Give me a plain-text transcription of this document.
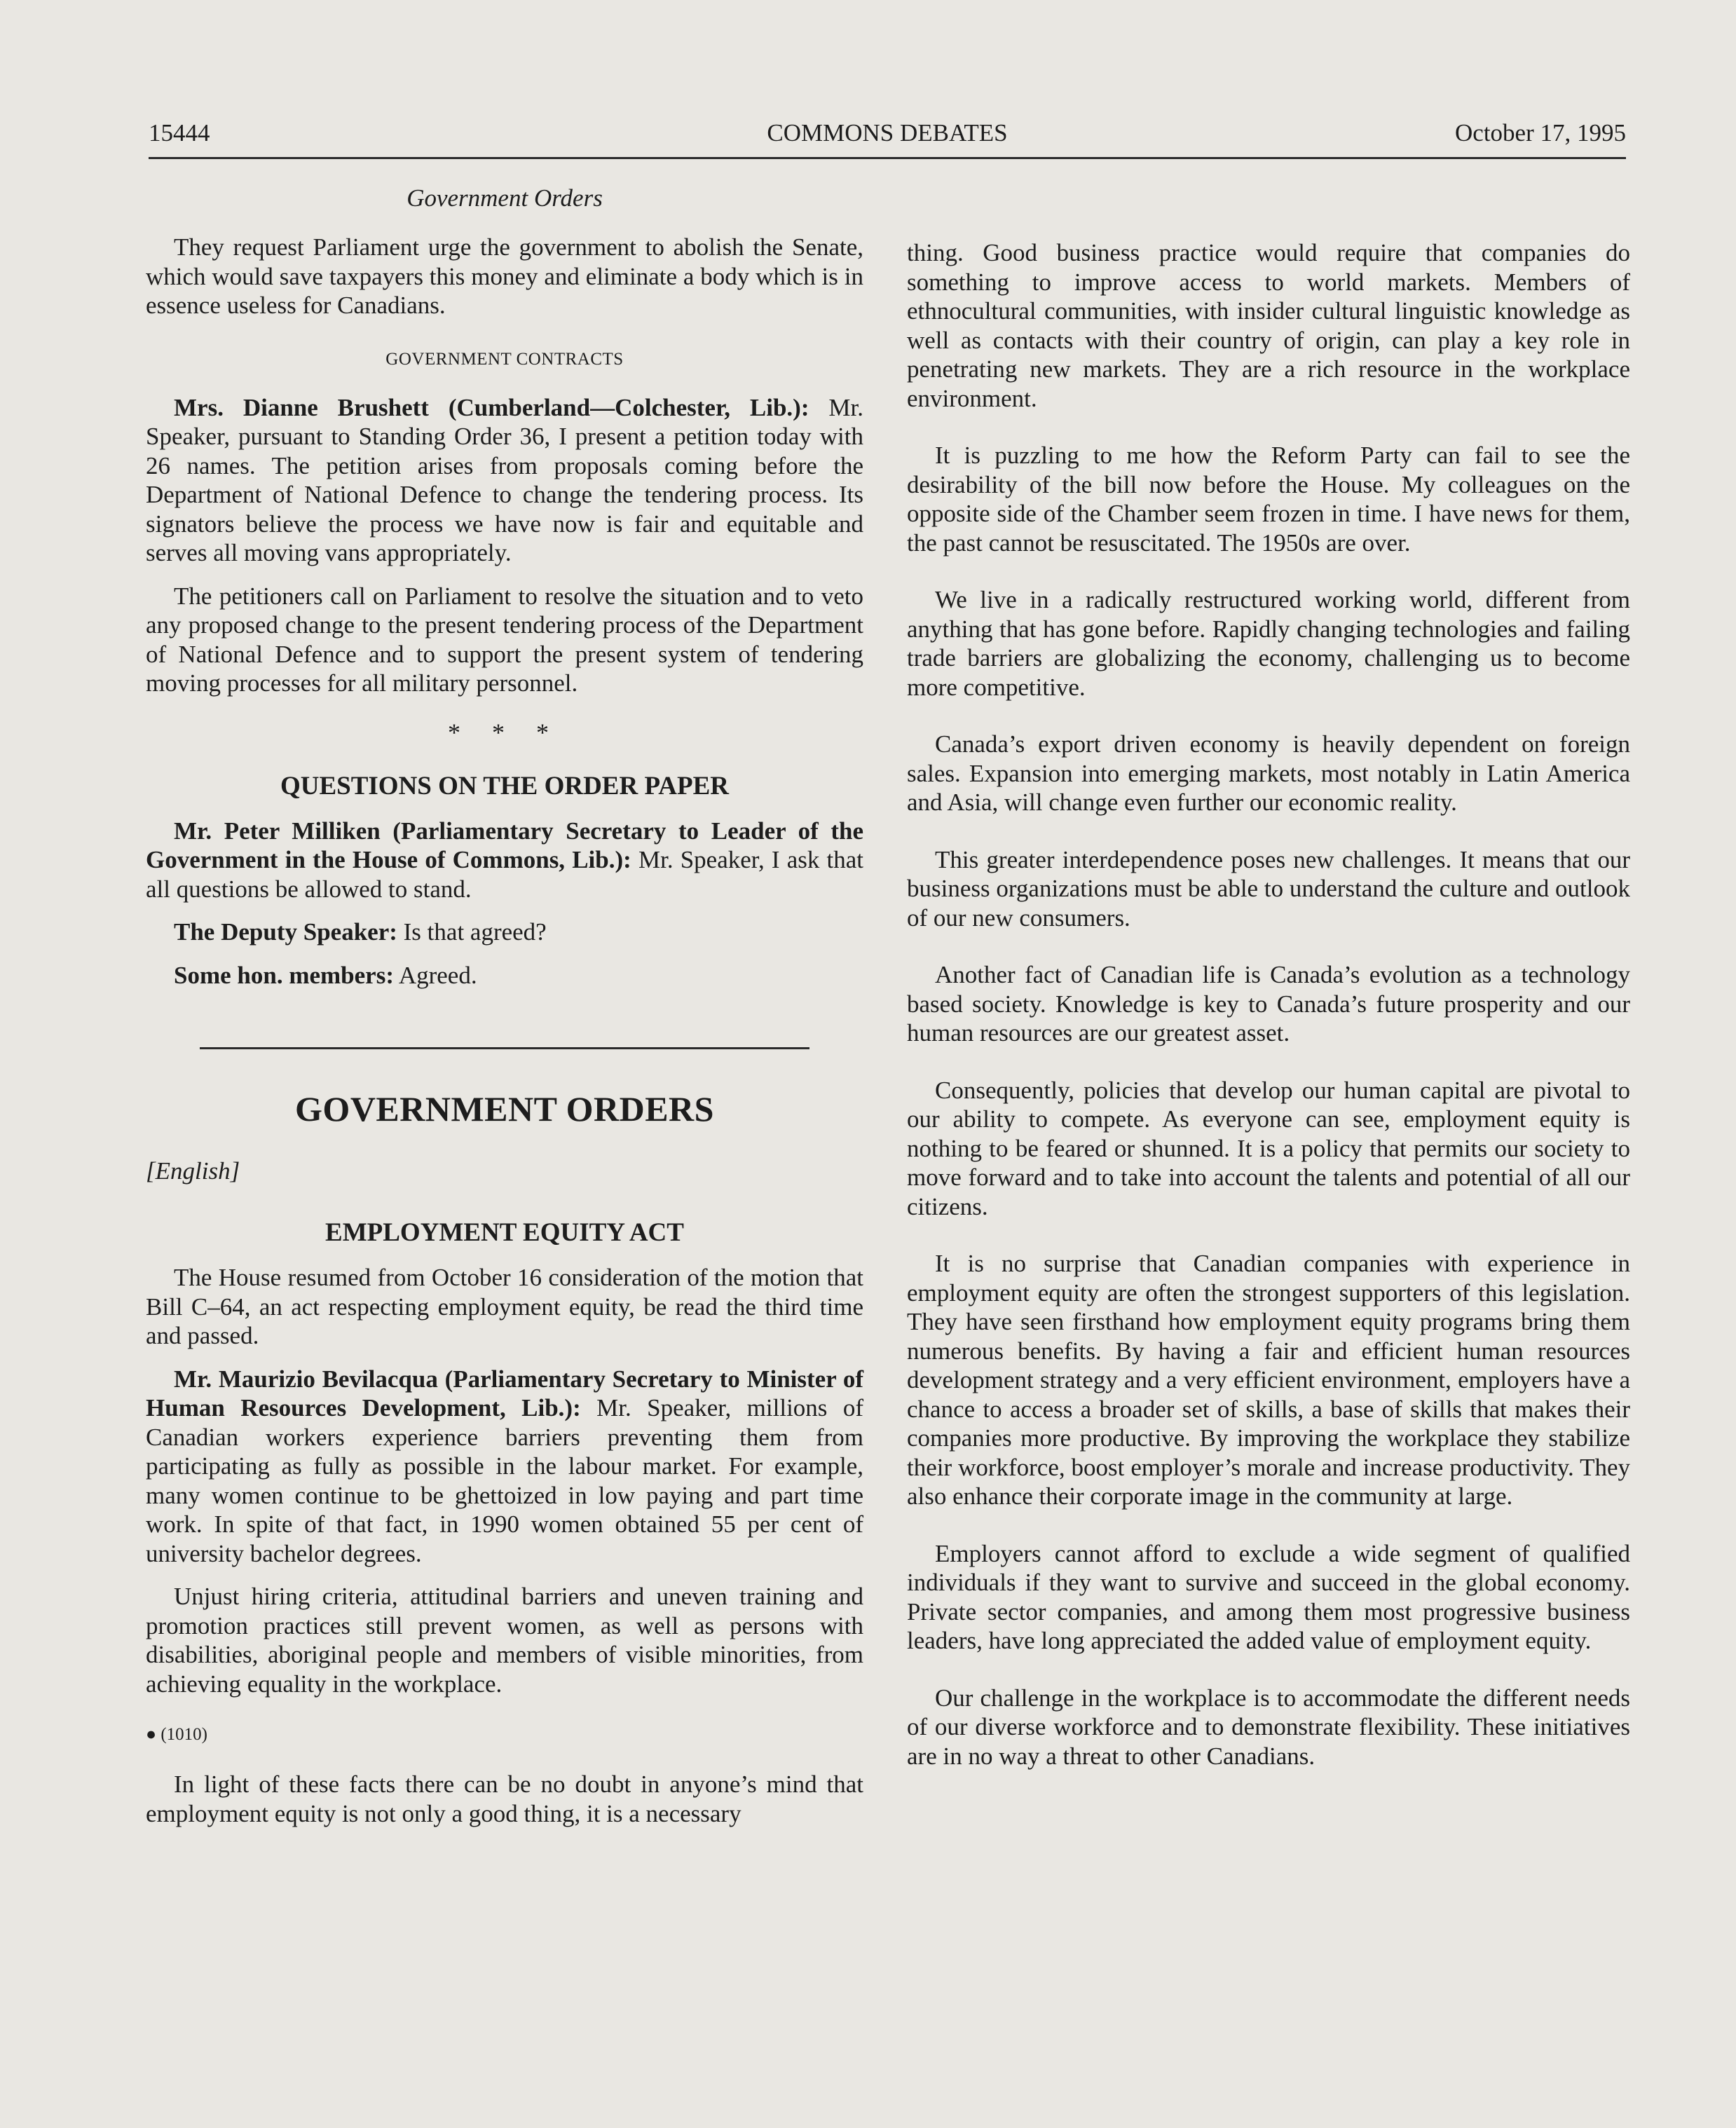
15444	COMMONS DEBATES	October 17, 1995
Government Orders

They request Parliament urge the government to abolish the Senate, which would save taxpayers this money and eliminate a body which is in essence useless for Canadians.

GOVERNMENT CONTRACTS

Mrs. Dianne Brushett (Cumberland—Colchester, Lib.): Mr. Speaker, pursuant to Standing Order 36, I present a petition today with 26 names. The petition arises from proposals coming before the Department of National Defence to change the tendering process. Its signators believe the process we have now is fair and equitable and serves all moving vans appropriately.

The petitioners call on Parliament to resolve the situation and to veto any proposed change to the present tendering process of the Department of National Defence and to support the present system of tendering moving processes for all military personnel.

* * *
QUESTIONS ON THE ORDER PAPER

Mr. Peter Milliken (Parliamentary Secretary to Leader of the Government in the House of Commons, Lib.): Mr. Speaker, I ask that all questions be allowed to stand.

The Deputy Speaker: Is that agreed?

Some hon. members: Agreed.

GOVERNMENT ORDERS
[English]
EMPLOYMENT EQUITY ACT

The House resumed from October 16 consideration of the motion that Bill C–64, an act respecting employment equity, be read the third time and passed.

Mr. Maurizio Bevilacqua (Parliamentary Secretary to Minister of Human Resources Development, Lib.): Mr. Speaker, millions of Canadian workers experience barriers preventing them from participating as fully as possible in the labour market. For example, many women continue to be ghettoized in low paying and part time work. In spite of that fact, in 1990 women obtained 55 per cent of university bachelor degrees.

Unjust hiring criteria, attitudinal barriers and uneven training and promotion practices still prevent women, as well as persons with disabilities, aboriginal people and members of visible minorities, from achieving equality in the workplace.

● (1010)

In light of these facts there can be no doubt in anyone’s mind that employment equity is not only a good thing, it is a necessary

thing. Good business practice would require that companies do something to improve access to world markets. Members of ethnocultural communities, with insider cultural linguistic knowledge as well as contacts with their country of origin, can play a key role in penetrating new markets. They are a rich resource in the workplace environment.

It is puzzling to me how the Reform Party can fail to see the desirability of the bill now before the House. My colleagues on the opposite side of the Chamber seem frozen in time. I have news for them, the past cannot be resuscitated. The 1950s are over.

We live in a radically restructured working world, different from anything that has gone before. Rapidly changing technologies and failing trade barriers are globalizing the economy, challenging us to become more competitive.

Canada’s export driven economy is heavily dependent on foreign sales. Expansion into emerging markets, most notably in Latin America and Asia, will change even further our economic reality.

This greater interdependence poses new challenges. It means that our business organizations must be able to understand the culture and outlook of our new consumers.

Another fact of Canadian life is Canada’s evolution as a technology based society. Knowledge is key to Canada’s future prosperity and our human resources are our greatest asset.

Consequently, policies that develop our human capital are pivotal to our ability to compete. As everyone can see, employment equity is nothing to be feared or shunned. It is a policy that permits our society to move forward and to take into account the talents and potential of all our citizens.

It is no surprise that Canadian companies with experience in employment equity are often the strongest supporters of this legislation. They have seen firsthand how employment equity programs bring them numerous benefits. By having a fair and efficient human resources development strategy and a very efficient environment, employers have a chance to access a broader set of skills, a base of skills that makes their companies more productive. By improving the workplace they stabilize their workforce, boost employer’s morale and increase productivity. They also enhance their corporate image in the community at large.

Employers cannot afford to exclude a wide segment of qualified individuals if they want to survive and succeed in the global economy. Private sector companies, and among them most progressive business leaders, have long appreciated the added value of employment equity.

Our challenge in the workplace is to accommodate the different needs of our diverse workforce and to demonstrate flexibility. These initiatives are in no way a threat to other Canadians.
